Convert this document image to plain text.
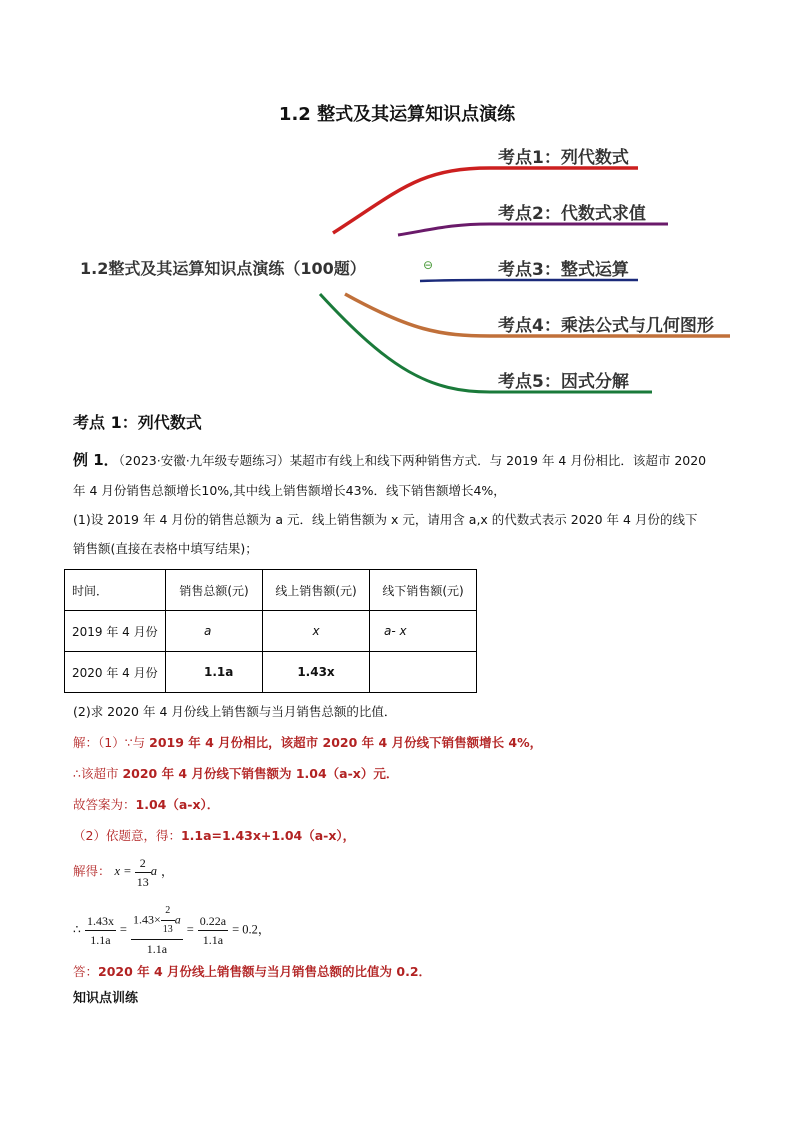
1.2 整式及其运算知识点演练
考点1：列代数式
考点2：代数式求值
考点3：整式运算
考点4：乘法公式与几何图形
考点5：因式分解
1.2整式及其运算知识点演练（100题）	⊖
考点 1：列代数式
例 1．（2023·安徽·九年级专题练习）某超市有线上和线下两种销售方式．与 2019 年 4 月份相比．该超市 2020
年 4 月份销售总额增长10%,其中线上销售额增长43%．线下销售额增长4%，
(1)设 2019 年 4 月份的销售总额为 a 元．线上销售额为 x 元，请用含 a,x 的代数式表示 2020 年 4 月份的线下
销售额(直接在表格中填写结果)；
时间．	销售总额(元)	线上销售额(元)	线下销售额(元)
2019 年 4 月份	a	x	a- x
2020 年 4 月份	1.1a	1.43x	
(2)求 2020 年 4 月份线上销售额与当月销售总额的比值．
解：（1）∵与 2019 年 4 月份相比，该超市 2020 年 4 月份线下销售额增长 4%，
∴该超市 2020 年 4 月份线下销售额为 1.04（a-x）元．
故答案为：1.04（a-x）．
（2）依题意，得：1.1a=1.43x+1.04（a-x），
解得： $x = \frac{2}{13}$ a ，
∴ $\frac{1.43x}{1.1a} = \frac{1.43\times \frac{2}{13} a}{1.1a} = \frac{0.22a}{1.1a} = 0.2$，
答：2020 年 4 月份线上销售额与当月销售总额的比值为 0.2．
知识点训练
